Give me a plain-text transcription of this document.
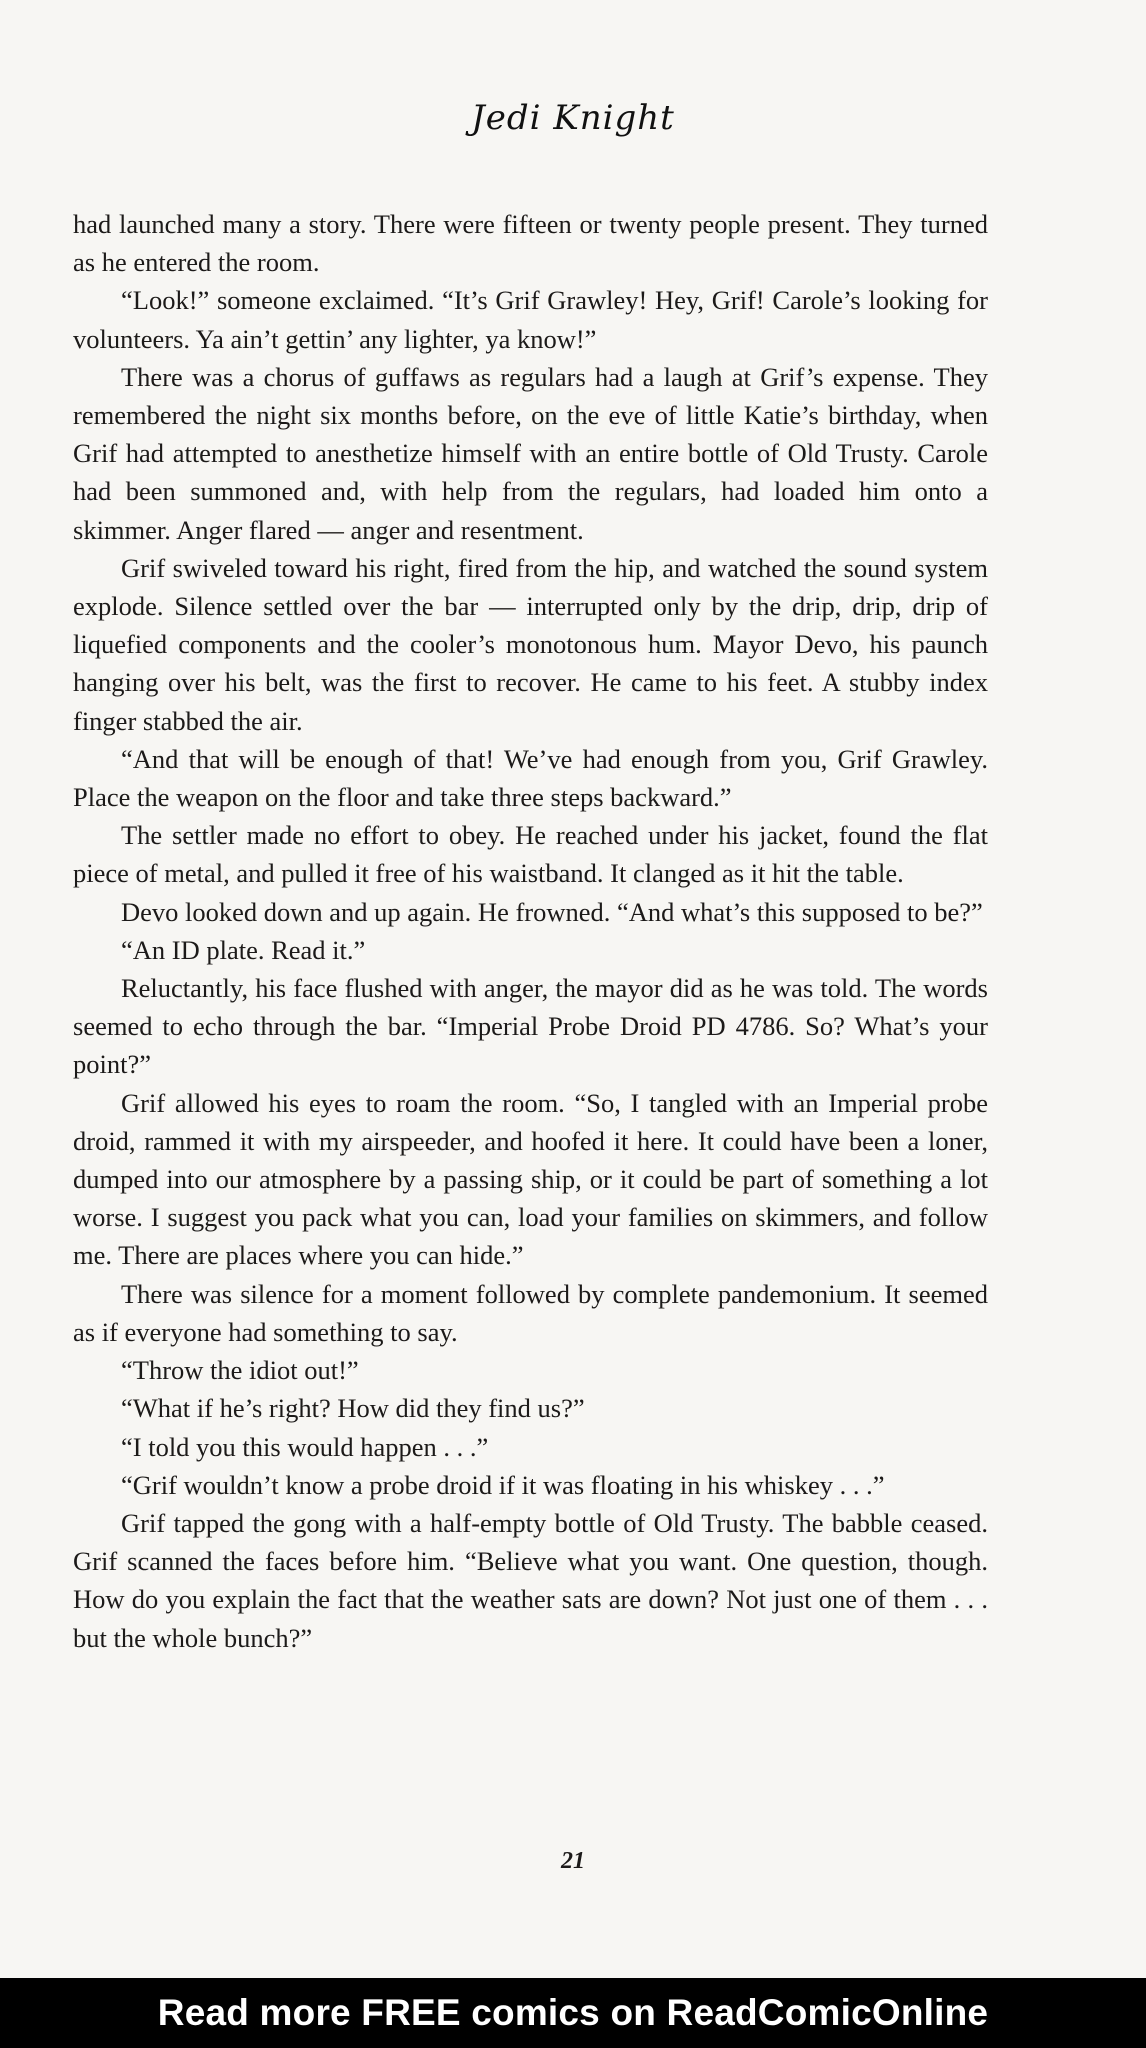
Jedi Knight

had launched many a story. There were fifteen or twenty people present. They turned as he entered the room.

“Look!” someone exclaimed. “It’s Grif Grawley! Hey, Grif! Carole’s looking for volunteers. Ya ain’t gettin’ any lighter, ya know!”

There was a chorus of guffaws as regulars had a laugh at Grif’s expense. They remembered the night six months before, on the eve of little Katie’s birthday, when Grif had attempted to anesthetize himself with an entire bottle of Old Trusty. Carole had been summoned and, with help from the regulars, had loaded him onto a skimmer. Anger flared — anger and resentment.

Grif swiveled toward his right, fired from the hip, and watched the sound system explode. Silence settled over the bar — interrupted only by the drip, drip, drip of liquefied components and the cooler’s monotonous hum. Mayor Devo, his paunch hanging over his belt, was the first to recover. He came to his feet. A stubby index finger stabbed the air.

“And that will be enough of that! We’ve had enough from you, Grif Grawley. Place the weapon on the floor and take three steps backward.”

The settler made no effort to obey. He reached under his jacket, found the flat piece of metal, and pulled it free of his waistband. It clanged as it hit the table.

Devo looked down and up again. He frowned. “And what’s this supposed to be?”

“An ID plate. Read it.”

Reluctantly, his face flushed with anger, the mayor did as he was told. The words seemed to echo through the bar. “Imperial Probe Droid PD 4786. So? What’s your point?”

Grif allowed his eyes to roam the room. “So, I tangled with an Imperial probe droid, rammed it with my airspeeder, and hoofed it here. It could have been a loner, dumped into our atmosphere by a passing ship, or it could be part of something a lot worse. I suggest you pack what you can, load your families on skimmers, and follow me. There are places where you can hide.”

There was silence for a moment followed by complete pandemonium. It seemed as if everyone had something to say.

“Throw the idiot out!”

“What if he’s right? How did they find us?”

“I told you this would happen . . .”

“Grif wouldn’t know a probe droid if it was floating in his whiskey . . .”

Grif tapped the gong with a half-empty bottle of Old Trusty. The babble ceased. Grif scanned the faces before him. “Believe what you want. One question, though. How do you explain the fact that the weather sats are down? Not just one of them . . . but the whole bunch?”

21
Read more FREE comics on ReadComicOnline
